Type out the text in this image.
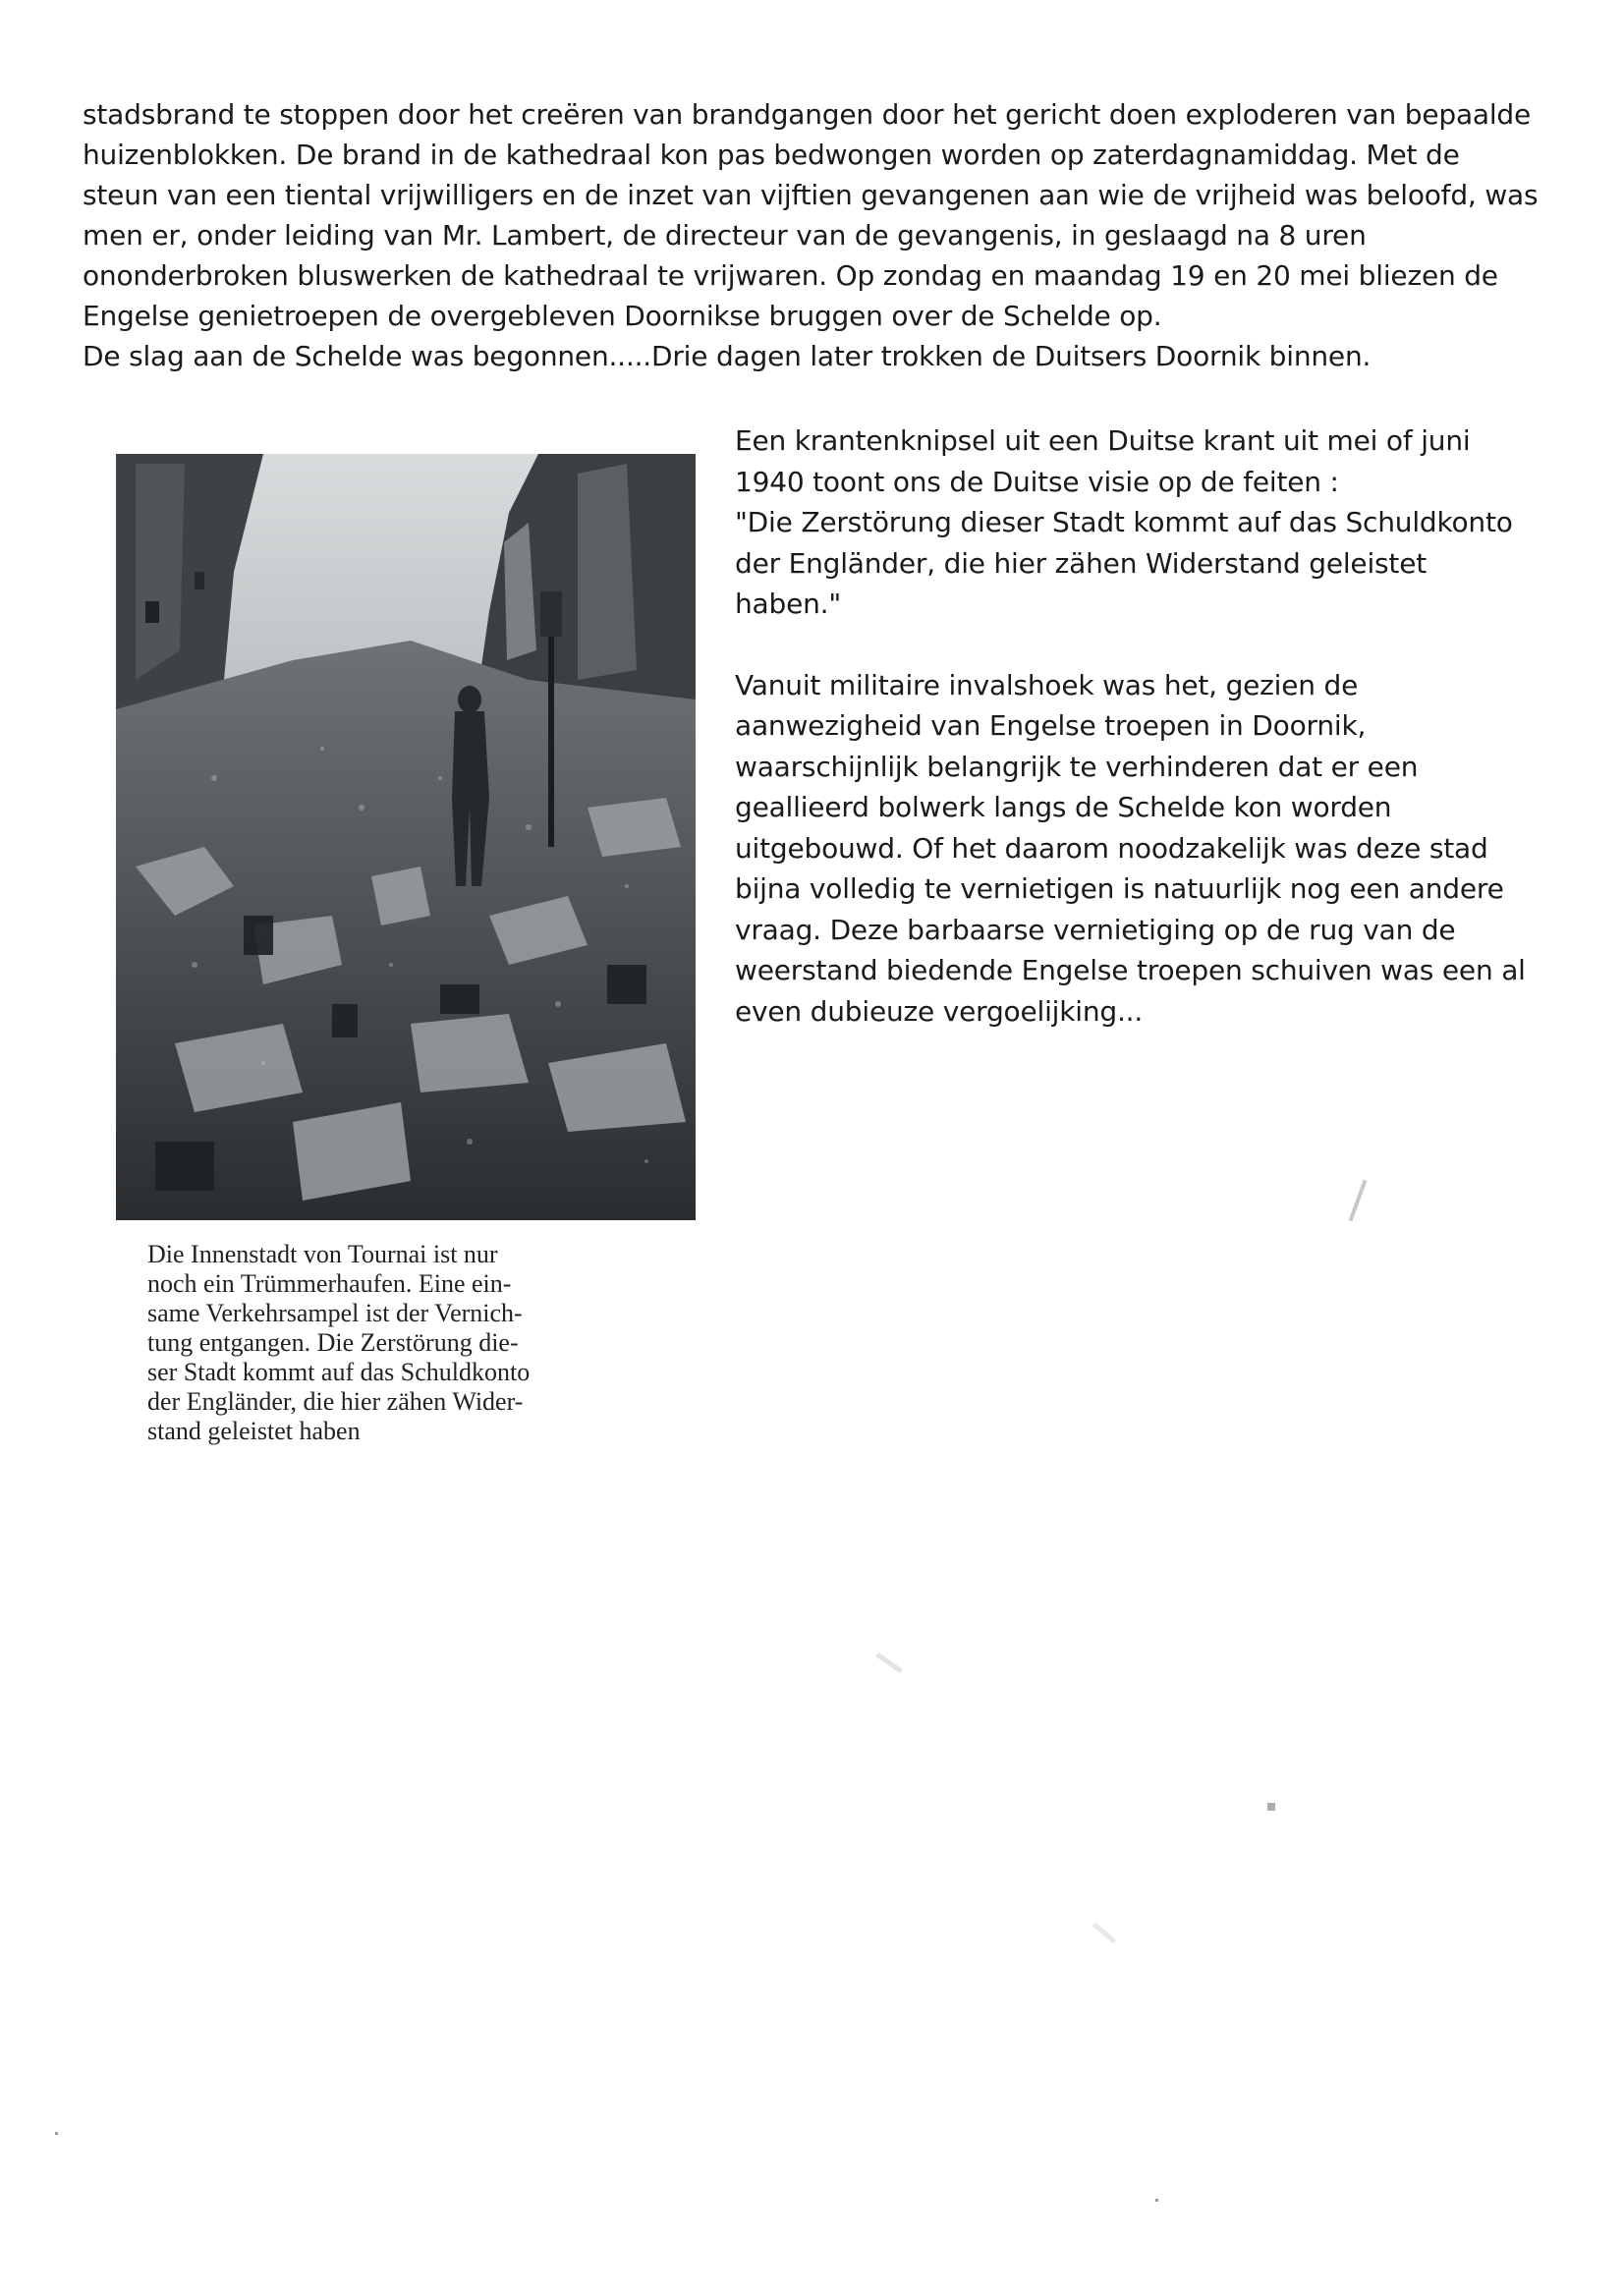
stadsbrand te stoppen door het creëren van brandgangen door het gericht doen exploderen van bepaalde
huizenblokken. De brand in de kathedraal kon pas bedwongen worden op zaterdagnamiddag. Met de
steun van een tiental vrijwilligers en de inzet van vijftien gevangenen aan wie de vrijheid was beloofd, was
men er, onder leiding van Mr. Lambert, de directeur van de gevangenis, in geslaagd na 8 uren
ononderbroken bluswerken de kathedraal te vrijwaren. Op zondag en maandag 19 en 20 mei bliezen de
Engelse genietroepen de overgebleven Doornikse bruggen over de Schelde op.
De slag aan de Schelde was begonnen.....Drie dagen later trokken de Duitsers Doornik binnen.

Die Innenstadt von Tournai ist nur
noch ein Trümmerhaufen. Eine ein-
same Verkehrsampel ist der Vernich-
tung entgangen. Die Zerstörung die-
ser Stadt kommt auf das Schuldkonto
der Engländer, die hier zähen Wider-
stand geleistet haben

Een krantenknipsel uit een Duitse krant uit mei of juni
1940 toont ons de Duitse visie op de feiten :
"Die Zerstörung dieser Stadt kommt auf das Schuldkonto
der Engländer, die hier zähen Widerstand geleistet
haben."

Vanuit militaire invalshoek was het, gezien de
aanwezigheid van Engelse troepen in Doornik,
waarschijnlijk belangrijk te verhinderen dat er een
geallieerd bolwerk langs de Schelde kon worden
uitgebouwd. Of het daarom noodzakelijk was deze stad
bijna volledig te vernietigen is natuurlijk nog een andere
vraag. Deze barbaarse vernietiging op de rug van de
weerstand biedende Engelse troepen schuiven was een al
even dubieuze vergoelijking...
